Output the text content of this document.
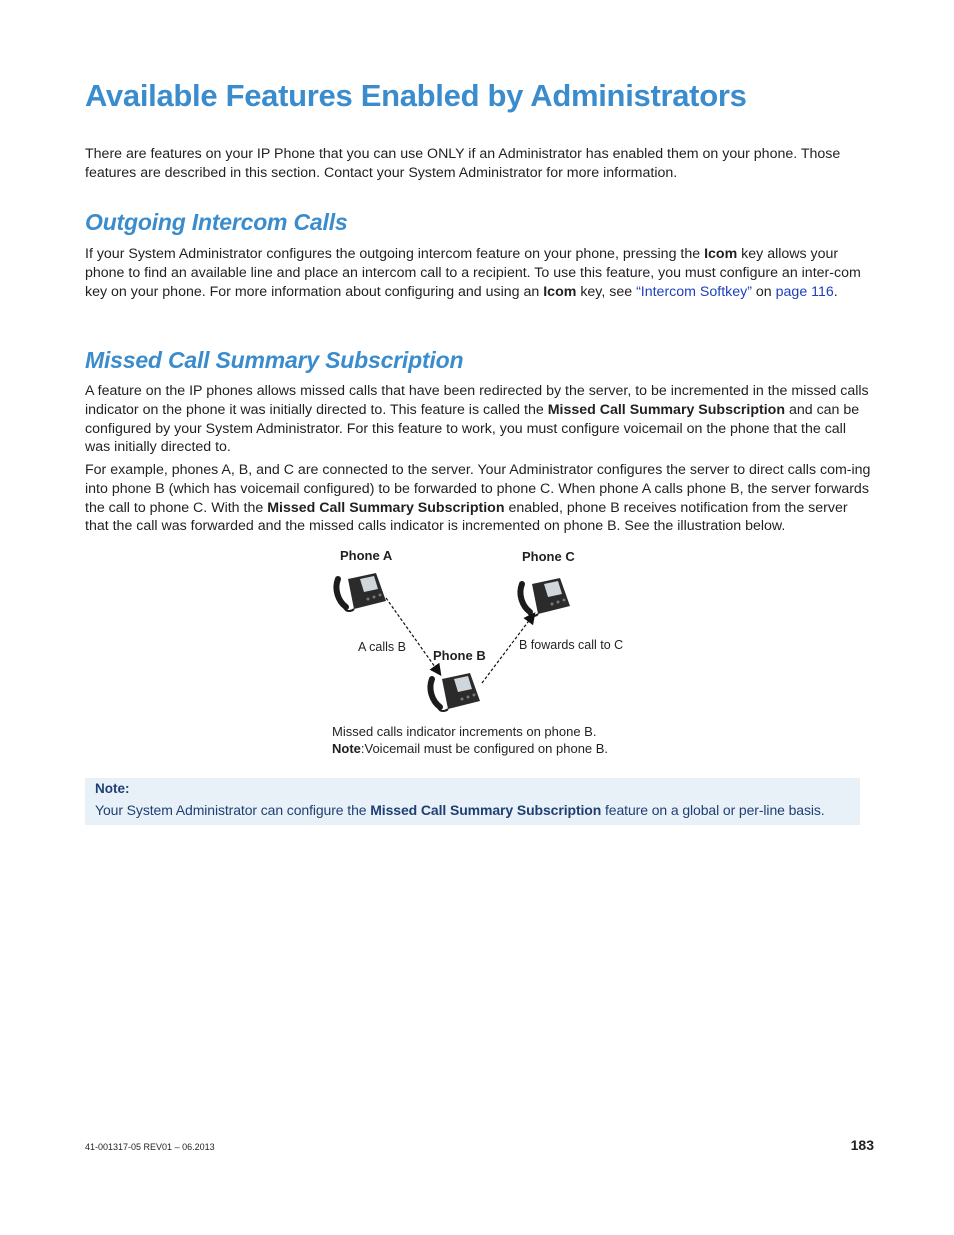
Available Features Enabled by Administrators

There are features on your IP Phone that you can use ONLY if an Administrator has enabled them on your phone. Those features are described in this section. Contact your System Administrator for more information.

Outgoing Intercom Calls

If your System Administrator configures the outgoing intercom feature on your phone, pressing the Icom key allows your phone to find an available line and place an intercom call to a recipient. To use this feature, you must configure an inter-com key on your phone. For more information about configuring and using an Icom key, see “Intercom Softkey” on page 116.

Missed Call Summary Subscription

A feature on the IP phones allows missed calls that have been redirected by the server, to be incremented in the missed calls indicator on the phone it was initially directed to. This feature is called the Missed Call Summary Subscription and can be configured by your System Administrator. For this feature to work, you must configure voicemail on the phone that the call was initially directed to.

For example, phones A, B, and C are connected to the server. Your Administrator configures the server to direct calls com-ing into phone B (which has voicemail configured) to be forwarded to phone C. When phone A calls phone B, the server forwards the call to phone C. With the Missed Call Summary Subscription enabled, phone B receives notification from the server that the call was forwarded and the missed calls indicator is incremented on phone B. See the illustration below.

Phone A	Phone C
Phone B
A calls B	B fowards call to C
Missed calls indicator increments on phone B.
Note:Voicemail must be configured on phone B.
Note:
Your System Administrator can configure the Missed Call Summary Subscription feature on a global or per-line basis.
41-001317-05 REV01 – 06.2013	183
